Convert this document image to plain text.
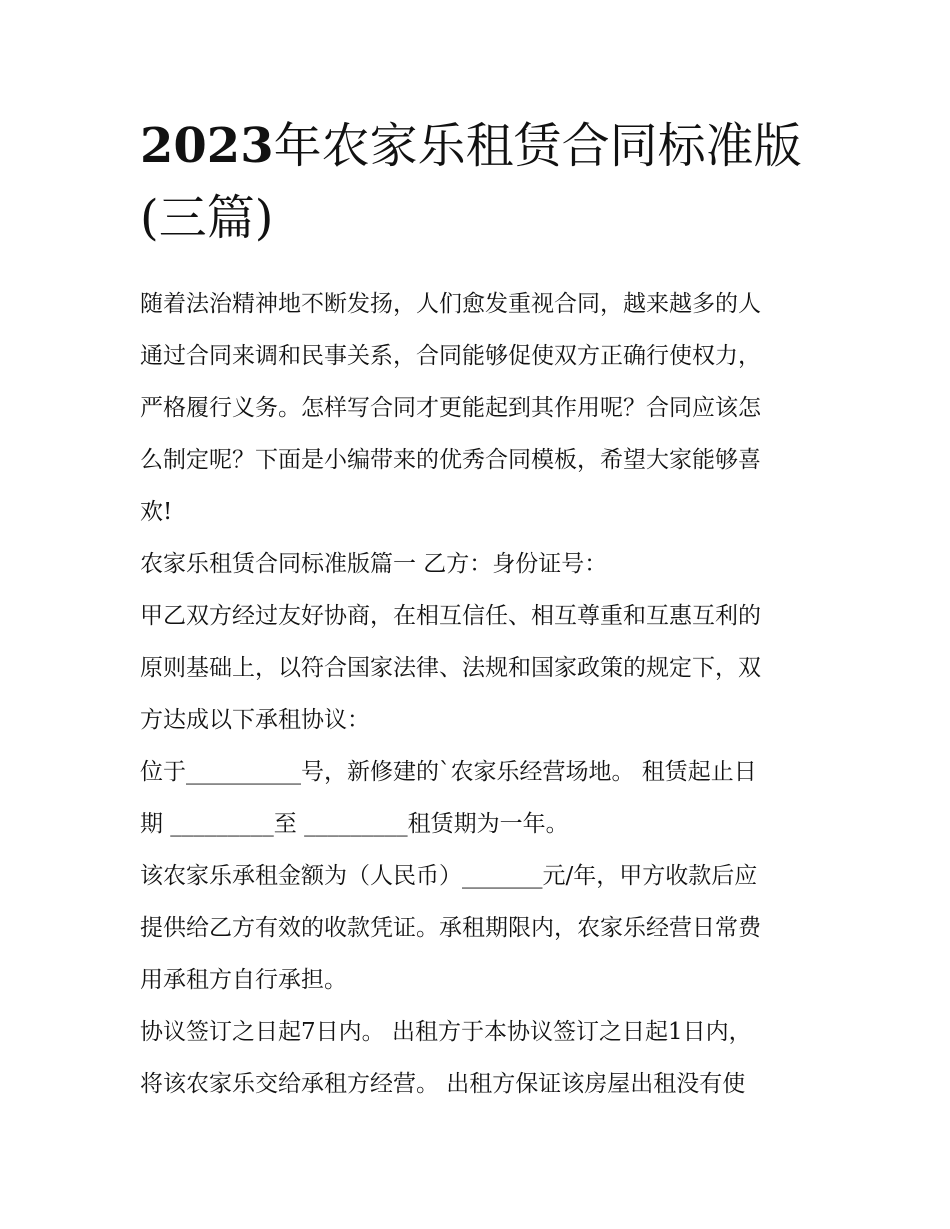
2023年农家乐租赁合同标准版
(三篇)
随着法治精神地不断发扬，人们愈发重视合同，越来越多的人
通过合同来调和民事关系，合同能够促使双方正确行使权力，
严格履行义务。怎样写合同才更能起到其作用呢？合同应该怎
么制定呢？下面是小编带来的优秀合同模板，希望大家能够喜
欢!
农家乐租赁合同标准版篇一 乙方：身份证号：
甲乙双方经过友好协商，在相互信任、相互尊重和互惠互利的
原则基础上，以符合国家法律、法规和国家政策的规定下，双
方达成以下承租协议：
位于__________号，新修建的`农家乐经营场地。 租赁起止日
期 _________至 _________租赁期为一年。
该农家乐承租金额为（人民币）_______元/年，甲方收款后应
提供给乙方有效的收款凭证。承租期限内，农家乐经营日常费
用承租方自行承担。
协议签订之日起7日内。 出租方于本协议签订之日起1日内，
将该农家乐交给承租方经营。 出租方保证该房屋出租没有使
